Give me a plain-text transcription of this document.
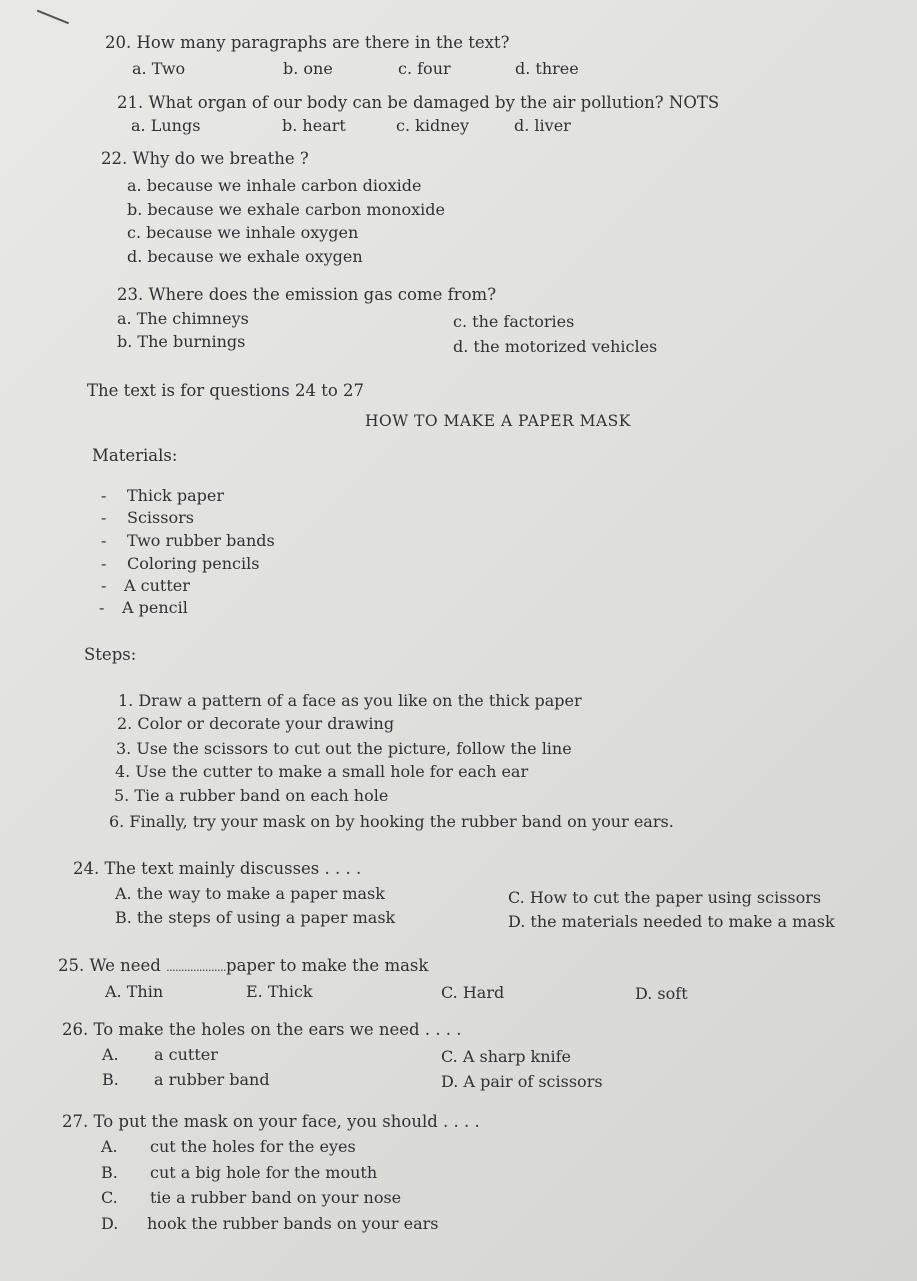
20. How many paragraphs are there in the text?
a. Two	b. one	c. four	d. three
21. What organ of our body can be damaged by the air pollution? NOTS
a. Lungs	b. heart	c. kidney	d. liver
22. Why do we breathe ?
a. because we inhale carbon dioxide
b. because we exhale carbon monoxide
c. because we inhale oxygen
d. because we exhale oxygen
23. Where does the emission gas come from?
a. The chimneys	c. the factories
b. The burnings	d. the motorized vehicles
The text is for questions 24 to 27
HOW TO MAKE A PAPER MASK
Materials:
- Thick paper
- Scissors
- Two rubber bands
- Coloring pencils
- A cutter
- A pencil
Steps:
1. Draw a pattern of a face as you like on the thick paper
2. Color or decorate your drawing
3. Use the scissors to cut out the picture, follow the line
4. Use the cutter to make a small hole for each ear
5. Tie a rubber band on each hole
6. Finally, try your mask on by hooking the rubber band on your ears.
24. The text mainly discusses . . . .
A. the way to make a paper mask	C. How to cut the paper using scissors
B. the steps of using a paper mask	D. the materials needed to make a mask
25. We need ....................paper to make the mask
A. Thin	E. Thick	C. Hard	D. soft
26. To make the holes on the ears we need . . . .
A. a cutter	C. A sharp knife
B. a rubber band	D. A pair of scissors
27. To put the mask on your face, you should . . . .
A. cut the holes for the eyes
B. cut a big hole for the mouth
C. tie a rubber band on your nose
D. hook the rubber bands on your ears
